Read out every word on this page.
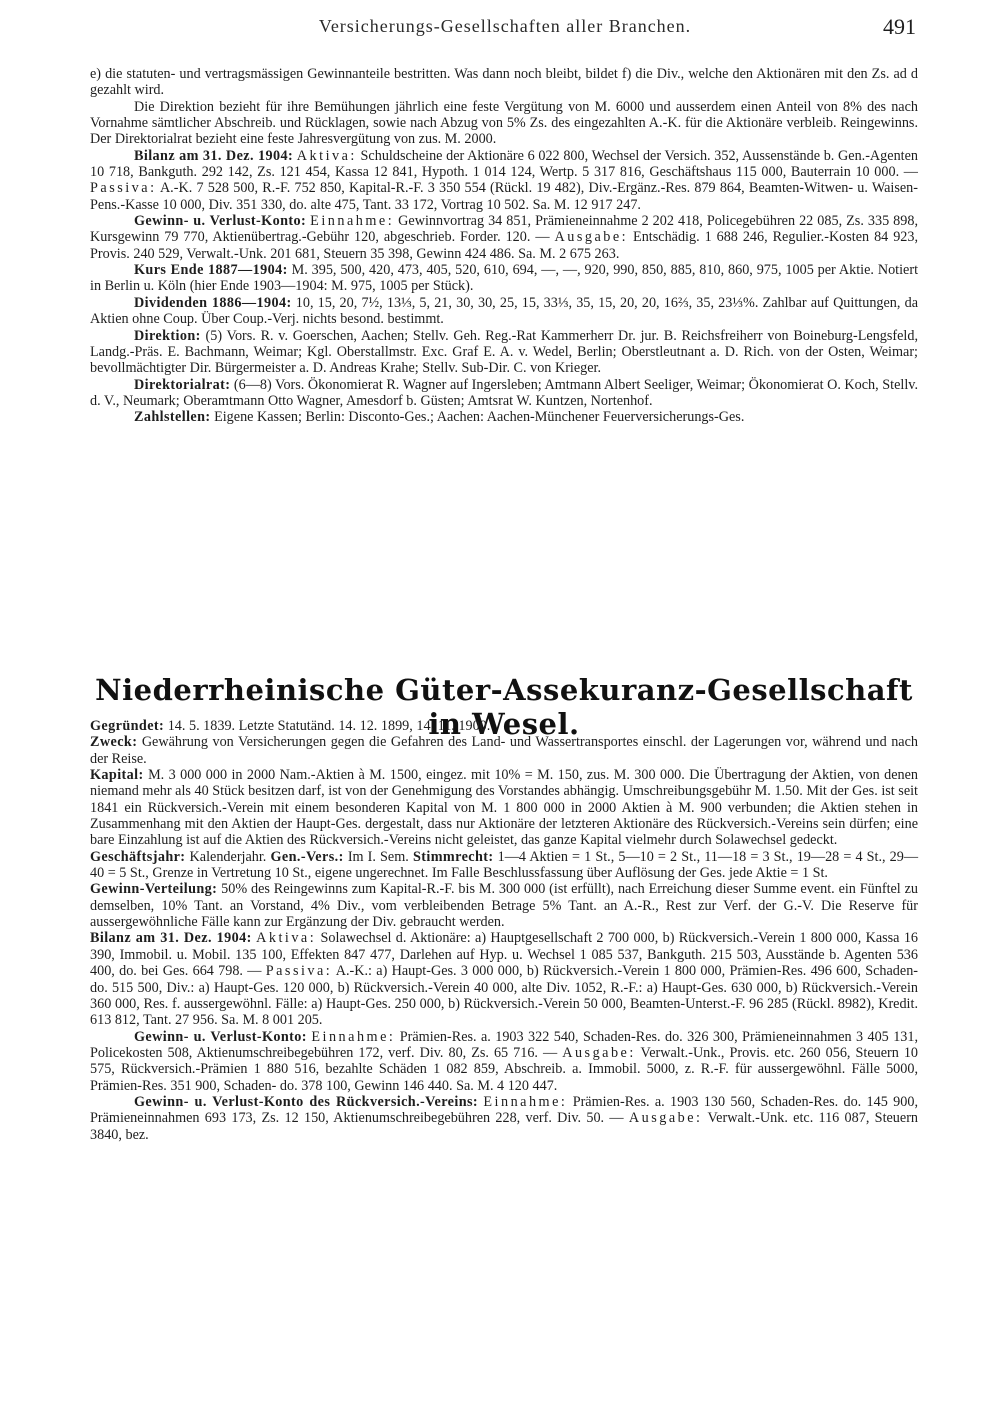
Versicherungs-Gesellschaften aller Branchen.	491

e) die statuten- und vertragsmässigen Gewinnanteile bestritten. Was dann noch bleibt, bildet f) die Div., welche den Aktionären mit den Zs. ad d gezahlt wird.

Die Direktion bezieht für ihre Bemühungen jährlich eine feste Vergütung von M. 6000 und ausserdem einen Anteil von 8% des nach Vornahme sämtlicher Abschreib. und Rücklagen, sowie nach Abzug von 5% Zs. des eingezahlten A.-K. für die Aktionäre verbleib. Reingewinns. Der Direktorialrat bezieht eine feste Jahresvergütung von zus. M. 2000.

Bilanz am 31. Dez. 1904: Aktiva: Schuldscheine der Aktionäre 6 022 800, Wechsel der Versich. 352, Aussenstände b. Gen.-Agenten 10 718, Bankguth. 292 142, Zs. 121 454, Kassa 12 841, Hypoth. 1 014 124, Wertp. 5 317 816, Geschäftshaus 115 000, Bauterrain 10 000. — Passiva: A.-K. 7 528 500, R.-F. 752 850, Kapital-R.-F. 3 350 554 (Rückl. 19 482), Div.-Ergänz.-Res. 879 864, Beamten-Witwen- u. Waisen-Pens.-Kasse 10 000, Div. 351 330, do. alte 475, Tant. 33 172, Vortrag 10 502. Sa. M. 12 917 247.

Gewinn- u. Verlust-Konto: Einnahme: Gewinnvortrag 34 851, Prämieneinnahme 2 202 418, Policegebühren 22 085, Zs. 335 898, Kursgewinn 79 770, Aktienübertrag.-Gebühr 120, abgeschrieb. Forder. 120. — Ausgabe: Entschädig. 1 688 246, Regulier.-Kosten 84 923, Provis. 240 529, Verwalt.-Unk. 201 681, Steuern 35 398, Gewinn 424 486. Sa. M. 2 675 263.

Kurs Ende 1887—1904: M. 395, 500, 420, 473, 405, 520, 610, 694, —, —, 920, 990, 850, 885, 810, 860, 975, 1005 per Aktie. Notiert in Berlin u. Köln (hier Ende 1903—1904: M. 975, 1005 per Stück).

Dividenden 1886—1904: 10, 15, 20, 7½, 13⅓, 5, 21, 30, 30, 25, 15, 33⅓, 35, 15, 20, 20, 16⅔, 35, 23⅓%. Zahlbar auf Quittungen, da Aktien ohne Coup. Über Coup.-Verj. nichts besond. bestimmt.

Direktion: (5) Vors. R. v. Goerschen, Aachen; Stellv. Geh. Reg.-Rat Kammerherr Dr. jur. B. Reichsfreiherr von Boineburg-Lengsfeld, Landg.-Präs. E. Bachmann, Weimar; Kgl. Oberstallmstr. Exc. Graf E. A. v. Wedel, Berlin; Oberstleutnant a. D. Rich. von der Osten, Weimar; bevollmächtigter Dir. Bürgermeister a. D. Andreas Krahe; Stellv. Sub-Dir. C. von Krieger.

Direktorialrat: (6—8) Vors. Ökonomierat R. Wagner auf Ingersleben; Amtmann Albert Seeliger, Weimar; Ökonomierat O. Koch, Stellv. d. V., Neumark; Oberamtmann Otto Wagner, Amesdorf b. Güsten; Amtsrat W. Kuntzen, Nortenhof.

Zahlstellen: Eigene Kassen; Berlin: Disconto-Ges.; Aachen: Aachen-Münchener Feuerversicherungs-Ges.

Niederrheinische Güter-Assekuranz-Gesellschaft in Wesel.

Gegründet: 14. 5. 1839. Letzte Statutänd. 14. 12. 1899, 14. 11. 1900.

Zweck: Gewährung von Versicherungen gegen die Gefahren des Land- und Wassertransportes einschl. der Lagerungen vor, während und nach der Reise.

Kapital: M. 3 000 000 in 2000 Nam.-Aktien à M. 1500, eingez. mit 10% = M. 150, zus. M. 300 000. Die Übertragung der Aktien, von denen niemand mehr als 40 Stück besitzen darf, ist von der Genehmigung des Vorstandes abhängig. Umschreibungsgebühr M. 1.50. Mit der Ges. ist seit 1841 ein Rückversich.-Verein mit einem besonderen Kapital von M. 1 800 000 in 2000 Aktien à M. 900 verbunden; die Aktien stehen in Zusammenhang mit den Aktien der Haupt-Ges. dergestalt, dass nur Aktionäre der letzteren Aktionäre des Rückversich.-Vereins sein dürfen; eine bare Einzahlung ist auf die Aktien des Rückversich.-Vereins nicht geleistet, das ganze Kapital vielmehr durch Solawechsel gedeckt.

Geschäftsjahr: Kalenderjahr. Gen.-Vers.: Im I. Sem. Stimmrecht: 1—4 Aktien = 1 St., 5—10 = 2 St., 11—18 = 3 St., 19—28 = 4 St., 29—40 = 5 St., Grenze in Vertretung 10 St., eigene ungerechnet. Im Falle Beschlussfassung über Auflösung der Ges. jede Aktie = 1 St.

Gewinn-Verteilung: 50% des Reingewinns zum Kapital-R.-F. bis M. 300 000 (ist erfüllt), nach Erreichung dieser Summe event. ein Fünftel zu demselben, 10% Tant. an Vorstand, 4% Div., vom verbleibenden Betrage 5% Tant. an A.-R., Rest zur Verf. der G.-V. Die Reserve für aussergewöhnliche Fälle kann zur Ergänzung der Div. gebraucht werden.

Bilanz am 31. Dez. 1904: Aktiva: Solawechsel d. Aktionäre: a) Hauptgesellschaft 2 700 000, b) Rückversich.-Verein 1 800 000, Kassa 16 390, Immobil. u. Mobil. 135 100, Effekten 847 477, Darlehen auf Hyp. u. Wechsel 1 085 537, Bankguth. 215 503, Ausstände b. Agenten 536 400, do. bei Ges. 664 798. — Passiva: A.-K.: a) Haupt-Ges. 3 000 000, b) Rückversich.-Verein 1 800 000, Prämien-Res. 496 600, Schaden- do. 515 500, Div.: a) Haupt-Ges. 120 000, b) Rückversich.-Verein 40 000, alte Div. 1052, R.-F.: a) Haupt-Ges. 630 000, b) Rückversich.-Verein 360 000, Res. f. aussergewöhnl. Fälle: a) Haupt-Ges. 250 000, b) Rückversich.-Verein 50 000, Beamten-Unterst.-F. 96 285 (Rückl. 8982), Kredit. 613 812, Tant. 27 956. Sa. M. 8 001 205.

Gewinn- u. Verlust-Konto: Einnahme: Prämien-Res. a. 1903 322 540, Schaden-Res. do. 326 300, Prämieneinnahmen 3 405 131, Policekosten 508, Aktienumschreibegebühren 172, verf. Div. 80, Zs. 65 716. — Ausgabe: Verwalt.-Unk., Provis. etc. 260 056, Steuern 10 575, Rückversich.-Prämien 1 880 516, bezahlte Schäden 1 082 859, Abschreib. a. Immobil. 5000, z. R.-F. für aussergewöhnl. Fälle 5000, Prämien-Res. 351 900, Schaden- do. 378 100, Gewinn 146 440. Sa. M. 4 120 447.

Gewinn- u. Verlust-Konto des Rückversich.-Vereins: Einnahme: Prämien-Res. a. 1903 130 560, Schaden-Res. do. 145 900, Prämieneinnahmen 693 173, Zs. 12 150, Aktienumschreibegebühren 228, verf. Div. 50. — Ausgabe: Verwalt.-Unk. etc. 116 087, Steuern 3840, bez.
